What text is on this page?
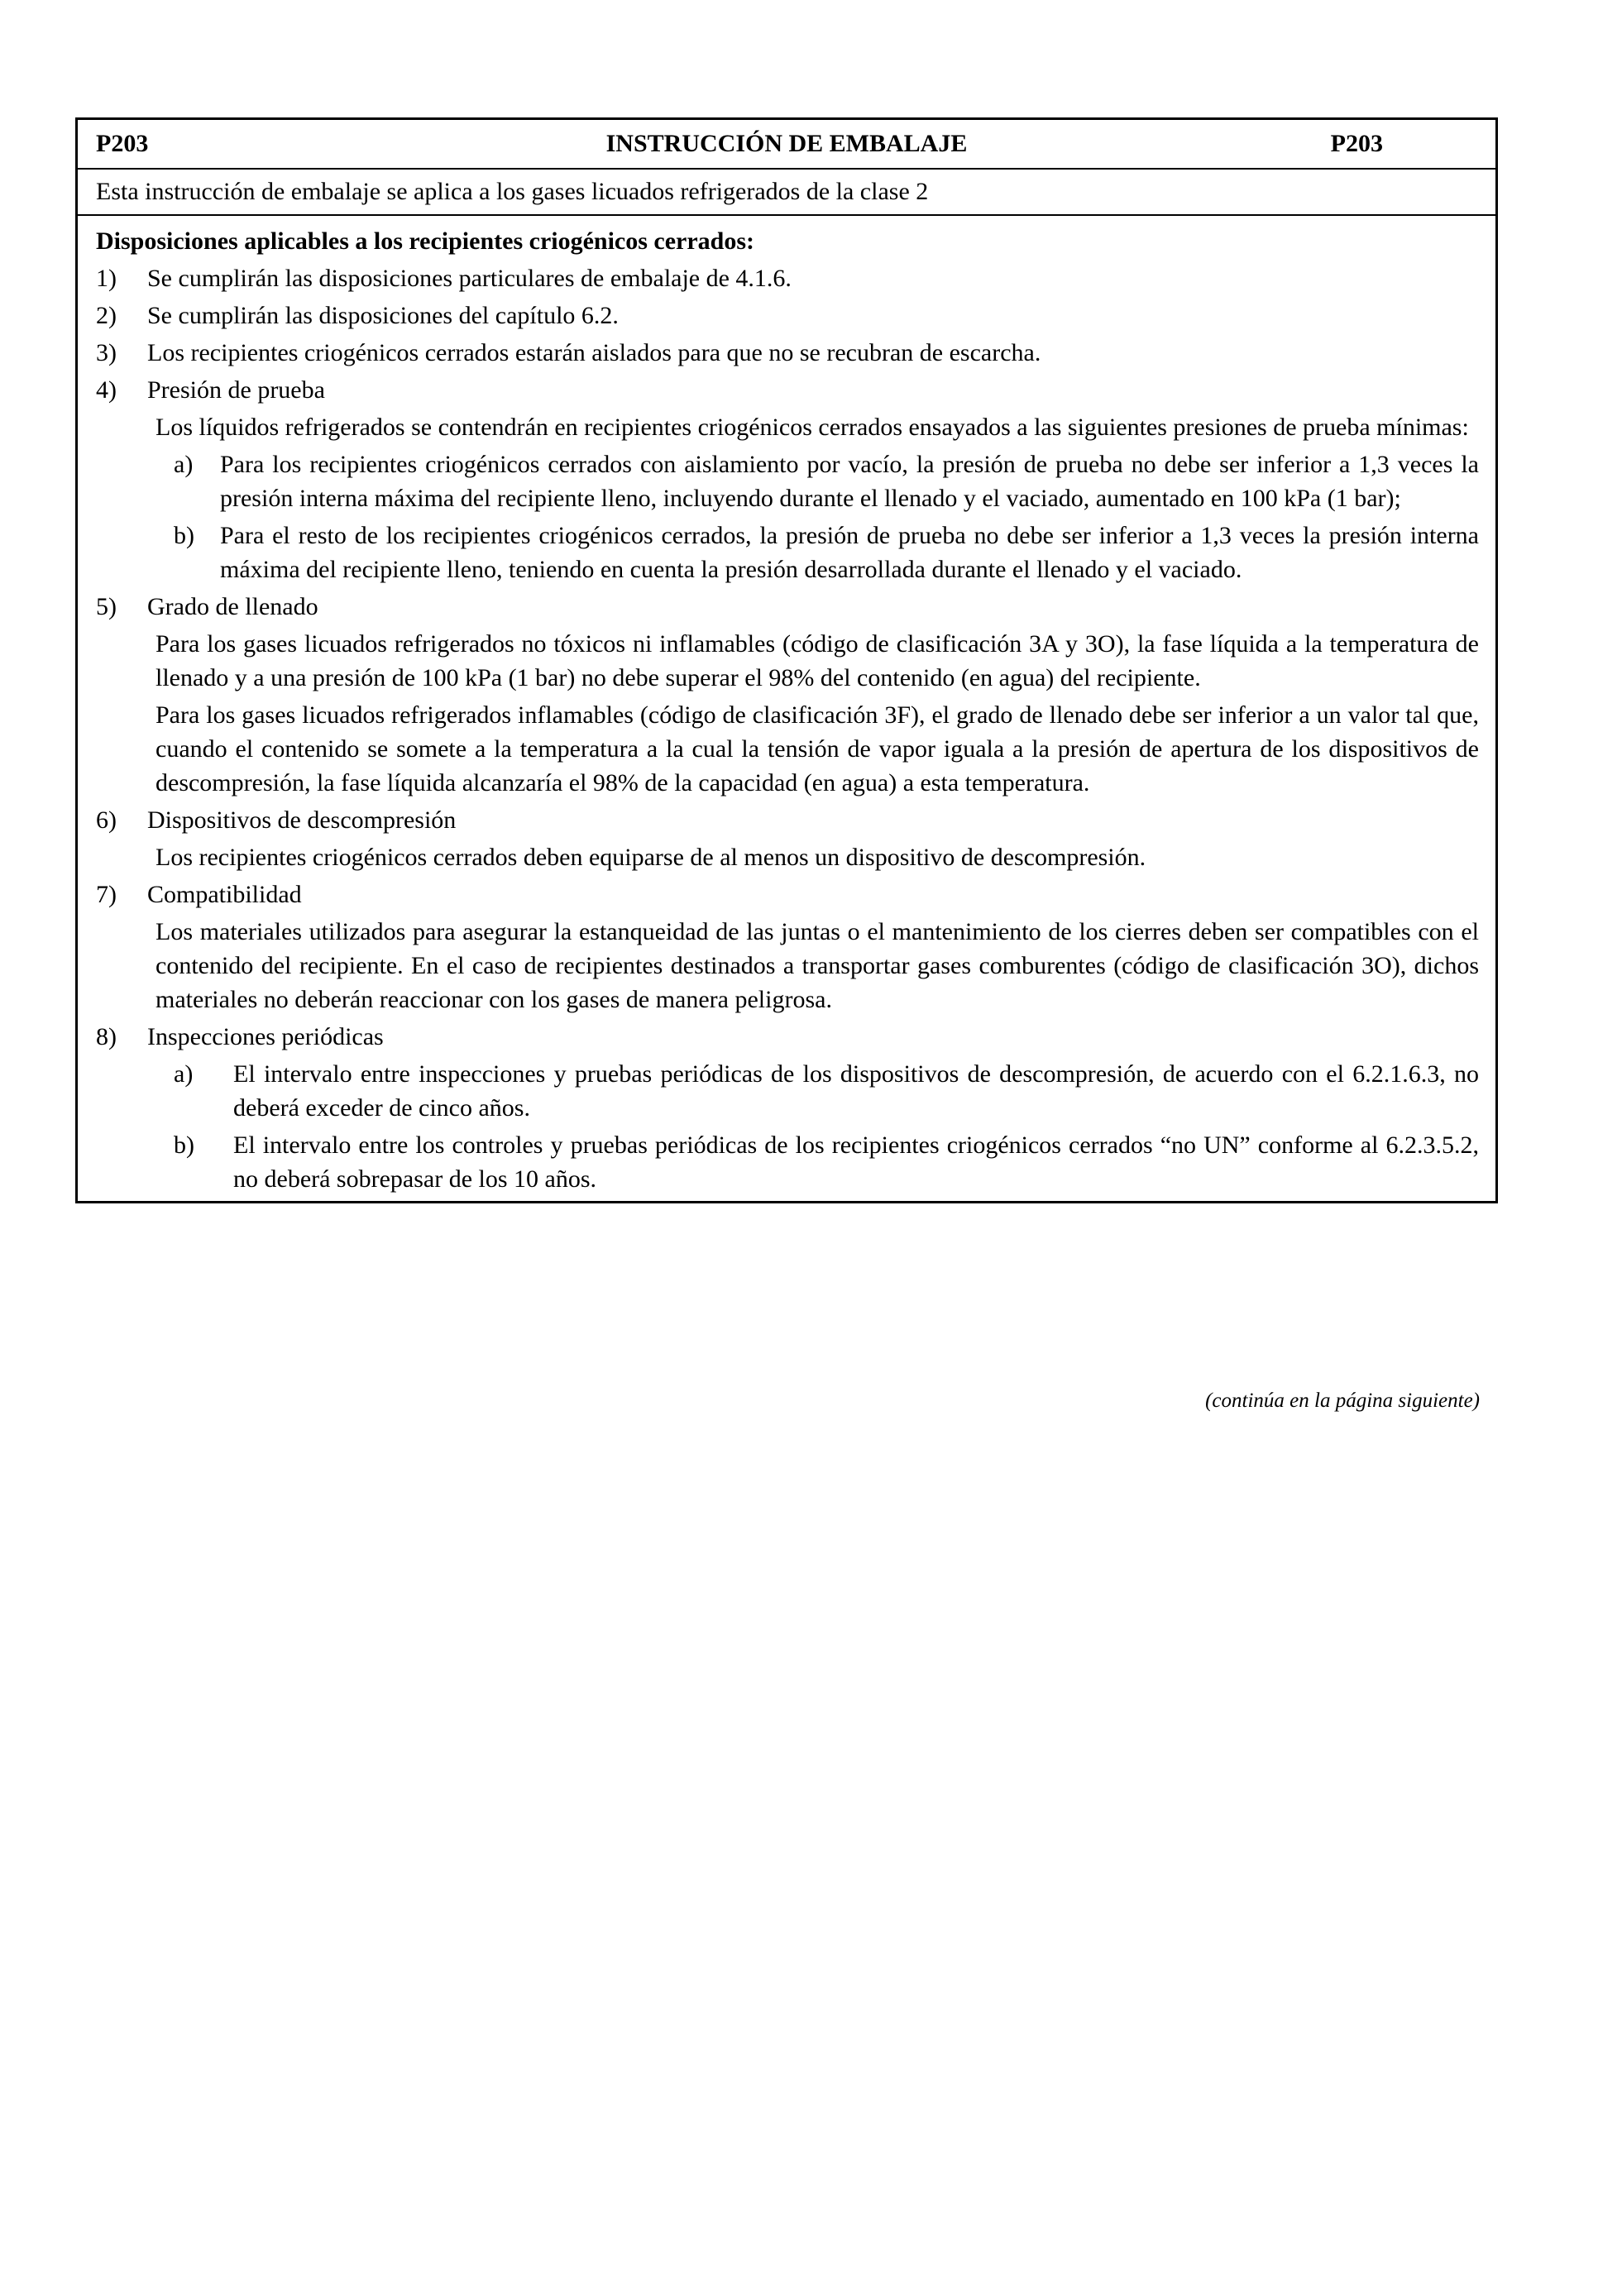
P203	INSTRUCCIÓN DE EMBALAJE	P203
Esta instrucción de embalaje se aplica a los gases licuados refrigerados de la clase 2
Disposiciones aplicables a los recipientes criogénicos cerrados:
1) Se cumplirán las disposiciones particulares de embalaje de 4.1.6.
2) Se cumplirán las disposiciones del capítulo 6.2.
3) Los recipientes criogénicos cerrados estarán aislados para que no se recubran de escarcha.
4) Presión de prueba
Los líquidos refrigerados se contendrán en recipientes criogénicos cerrados ensayados a las siguientes presiones de prueba mínimas:
a) Para los recipientes criogénicos cerrados con aislamiento por vacío, la presión de prueba no debe ser inferior a 1,3 veces la presión interna máxima del recipiente lleno, incluyendo durante el llenado y el vaciado, aumentado en 100 kPa (1 bar);
b) Para el resto de los recipientes criogénicos cerrados, la presión de prueba no debe ser inferior a 1,3 veces la presión interna máxima del recipiente lleno, teniendo en cuenta la presión desarrollada durante el llenado y el vaciado.
5) Grado de llenado
Para los gases licuados refrigerados no tóxicos ni inflamables (código de clasificación 3A y 3O), la fase líquida a la temperatura de llenado y a una presión de 100 kPa (1 bar) no debe superar el 98% del contenido (en agua) del recipiente.
Para los gases licuados refrigerados inflamables (código de clasificación 3F), el grado de llenado debe ser inferior a un valor tal que, cuando el contenido se somete a la temperatura a la cual la tensión de vapor iguala a la presión de apertura de los dispositivos de descompresión, la fase líquida alcanzaría el 98% de la capacidad (en agua) a esta temperatura.
6) Dispositivos de descompresión
Los recipientes criogénicos cerrados deben equiparse de al menos un dispositivo de descompresión.
7) Compatibilidad
Los materiales utilizados para asegurar la estanqueidad de las juntas o el mantenimiento de los cierres deben ser compatibles con el contenido del recipiente. En el caso de recipientes destinados a transportar gases comburentes (código de clasificación 3O), dichos materiales no deberán reaccionar con los gases de manera peligrosa.
8) Inspecciones periódicas
a) El intervalo entre inspecciones y pruebas periódicas de los dispositivos de descompresión, de acuerdo con el 6.2.1.6.3, no deberá exceder de cinco años.
b) El intervalo entre los controles y pruebas periódicas de los recipientes criogénicos cerrados “no UN” conforme al 6.2.3.5.2, no deberá sobrepasar de los 10 años.
(continúa en la página siguiente)
